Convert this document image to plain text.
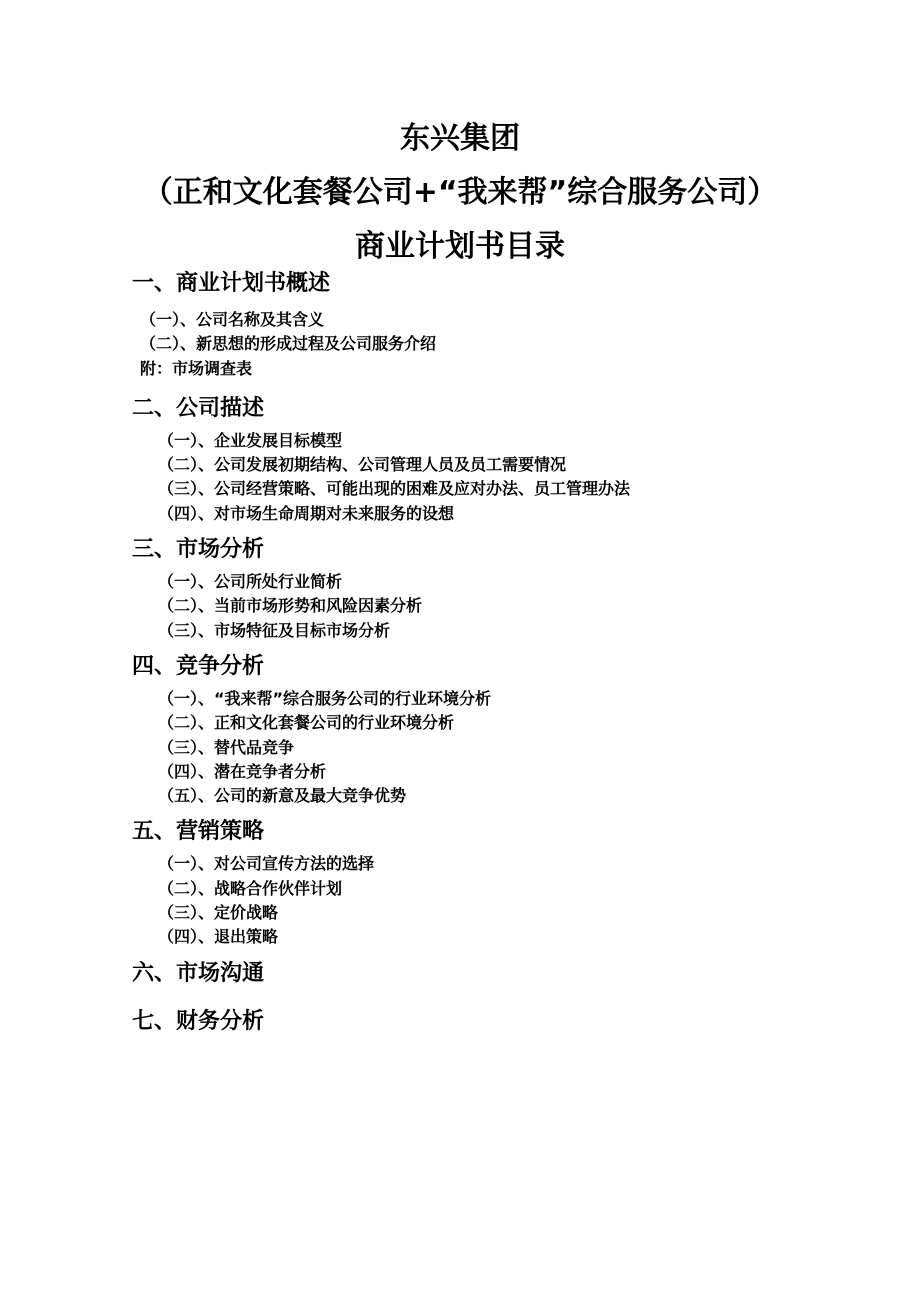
东兴集团
（正和文化套餐公司+“我来帮”综合服务公司）
商业计划书目录
一、商业计划书概述
（一）、公司名称及其含义
（二）、新思想的形成过程及公司服务介绍
附：市场调查表
二、公司描述
（一）、企业发展目标模型
（二）、公司发展初期结构、公司管理人员及员工需要情况
（三）、公司经营策略、可能出现的困难及应对办法、员工管理办法
（四）、对市场生命周期对未来服务的设想
三、市场分析
（一）、公司所处行业简析
（二）、当前市场形势和风险因素分析
（三）、市场特征及目标市场分析
四、竞争分析
（一）、“我来帮”综合服务公司的行业环境分析
（二）、正和文化套餐公司的行业环境分析
（三）、替代品竞争
（四）、潜在竞争者分析
（五）、公司的新意及最大竞争优势
五、营销策略
（一）、对公司宣传方法的选择
（二）、战略合作伙伴计划
（三）、定价战略
（四）、退出策略
六、市场沟通
七、财务分析
